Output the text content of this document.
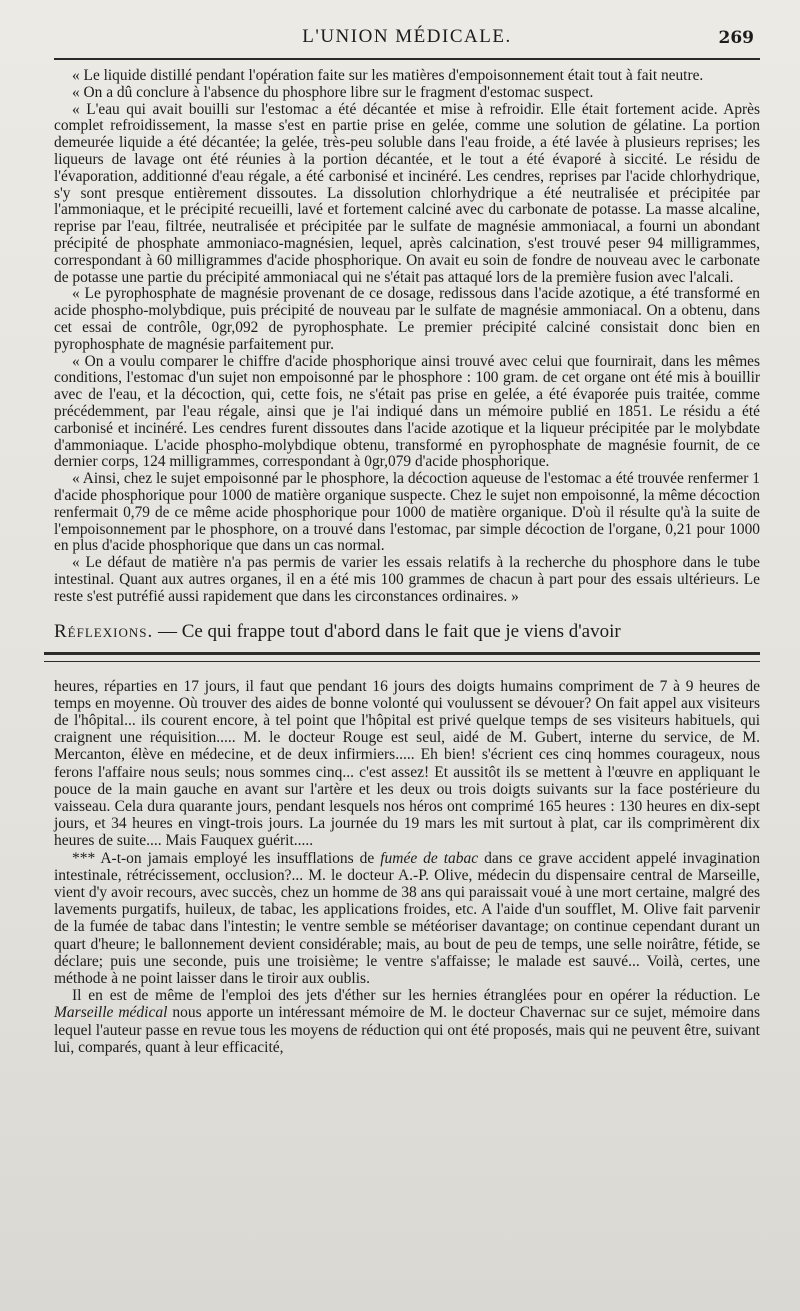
L'UNION MÉDICALE.	269

« Le liquide distillé pendant l'opération faite sur les matières d'empoisonnement était tout à fait neutre.

« On a dû conclure à l'absence du phosphore libre sur le fragment d'estomac suspect.

« L'eau qui avait bouilli sur l'estomac a été décantée et mise à refroidir. Elle était fortement acide. Après complet refroidissement, la masse s'est en partie prise en gelée, comme une solution de gélatine. La portion demeurée liquide a été décantée; la gelée, très-peu soluble dans l'eau froide, a été lavée à plusieurs reprises; les liqueurs de lavage ont été réunies à la portion décantée, et le tout a été évaporé à siccité. Le résidu de l'évaporation, additionné d'eau régale, a été carbonisé et incinéré. Les cendres, reprises par l'acide chlorhydrique, s'y sont presque entièrement dissoutes. La dissolution chlorhydrique a été neutralisée et précipitée par l'ammoniaque, et le précipité recueilli, lavé et fortement calciné avec du carbonate de potasse. La masse alcaline, reprise par l'eau, filtrée, neutralisée et précipitée par le sulfate de magnésie ammoniacal, a fourni un abondant précipité de phosphate ammoniaco-magnésien, lequel, après calcination, s'est trouvé peser 94 milligrammes, correspondant à 60 milligrammes d'acide phosphorique. On avait eu soin de fondre de nouveau avec le carbonate de potasse une partie du précipité ammoniacal qui ne s'était pas attaqué lors de la première fusion avec l'alcali.

« Le pyrophosphate de magnésie provenant de ce dosage, redissous dans l'acide azotique, a été transformé en acide phospho-molybdique, puis précipité de nouveau par le sulfate de magnésie ammoniacal. On a obtenu, dans cet essai de contrôle, 0gr,092 de pyrophosphate. Le premier précipité calciné consistait donc bien en pyrophosphate de magnésie parfaitement pur.

« On a voulu comparer le chiffre d'acide phosphorique ainsi trouvé avec celui que fournirait, dans les mêmes conditions, l'estomac d'un sujet non empoisonné par le phosphore : 100 gram. de cet organe ont été mis à bouillir avec de l'eau, et la décoction, qui, cette fois, ne s'était pas prise en gelée, a été évaporée puis traitée, comme précédemment, par l'eau régale, ainsi que je l'ai indiqué dans un mémoire publié en 1851. Le résidu a été carbonisé et incinéré. Les cendres furent dissoutes dans l'acide azotique et la liqueur précipitée par le molybdate d'ammoniaque. L'acide phospho-molybdique obtenu, transformé en pyrophosphate de magnésie fournit, de ce dernier corps, 124 milligrammes, correspondant à 0gr,079 d'acide phosphorique.

« Ainsi, chez le sujet empoisonné par le phosphore, la décoction aqueuse de l'estomac a été trouvée renfermer 1 d'acide phosphorique pour 1000 de matière organique suspecte. Chez le sujet non empoisonné, la même décoction renfermait 0,79 de ce même acide phosphorique pour 1000 de matière organique. D'où il résulte qu'à la suite de l'empoisonnement par le phosphore, on a trouvé dans l'estomac, par simple décoction de l'organe, 0,21 pour 1000 en plus d'acide phosphorique que dans un cas normal.

« Le défaut de matière n'a pas permis de varier les essais relatifs à la recherche du phosphore dans le tube intestinal. Quant aux autres organes, il en a été mis 100 grammes de chacun à part pour des essais ultérieurs. Le reste s'est putréfié aussi rapidement que dans les circonstances ordinaires. »

Réflexions. — Ce qui frappe tout d'abord dans le fait que je viens d'avoir

heures, réparties en 17 jours, il faut que pendant 16 jours des doigts humains compriment de 7 à 9 heures de temps en moyenne. Où trouver des aides de bonne volonté qui voulussent se dévouer? On fait appel aux visiteurs de l'hôpital... ils courent encore, à tel point que l'hôpital est privé quelque temps de ses visiteurs habituels, qui craignent une réquisition..... M. le docteur Rouge est seul, aidé de M. Gubert, interne du service, de M. Mercanton, élève en médecine, et de deux infirmiers..... Eh bien! s'écrient ces cinq hommes courageux, nous ferons l'affaire nous seuls; nous sommes cinq... c'est assez! Et aussitôt ils se mettent à l'œuvre en appliquant le pouce de la main gauche en avant sur l'artère et les deux ou trois doigts suivants sur la face postérieure du vaisseau. Cela dura quarante jours, pendant lesquels nos héros ont comprimé 165 heures : 130 heures en dix-sept jours, et 34 heures en vingt-trois jours. La journée du 19 mars les mit surtout à plat, car ils comprimèrent dix heures de suite.... Mais Fauquex guérit.....

*** A-t-on jamais employé les insufflations de fumée de tabac dans ce grave accident appelé invagination intestinale, rétrécissement, occlusion?... M. le docteur A.-P. Olive, médecin du dispensaire central de Marseille, vient d'y avoir recours, avec succès, chez un homme de 38 ans qui paraissait voué à une mort certaine, malgré des lavements purgatifs, huileux, de tabac, les applications froides, etc. A l'aide d'un soufflet, M. Olive fait parvenir de la fumée de tabac dans l'intestin; le ventre semble se météoriser davantage; on continue cependant durant un quart d'heure; le ballonnement devient considérable; mais, au bout de peu de temps, une selle noirâtre, fétide, se déclare; puis une seconde, puis une troisième; le ventre s'affaisse; le malade est sauvé... Voilà, certes, une méthode à ne point laisser dans le tiroir aux oublis.

Il en est de même de l'emploi des jets d'éther sur les hernies étranglées pour en opérer la réduction. Le Marseille médical nous apporte un intéressant mémoire de M. le docteur Chavernac sur ce sujet, mémoire dans lequel l'auteur passe en revue tous les moyens de réduction qui ont été proposés, mais qui ne peuvent être, suivant lui, comparés, quant à leur efficacité,
